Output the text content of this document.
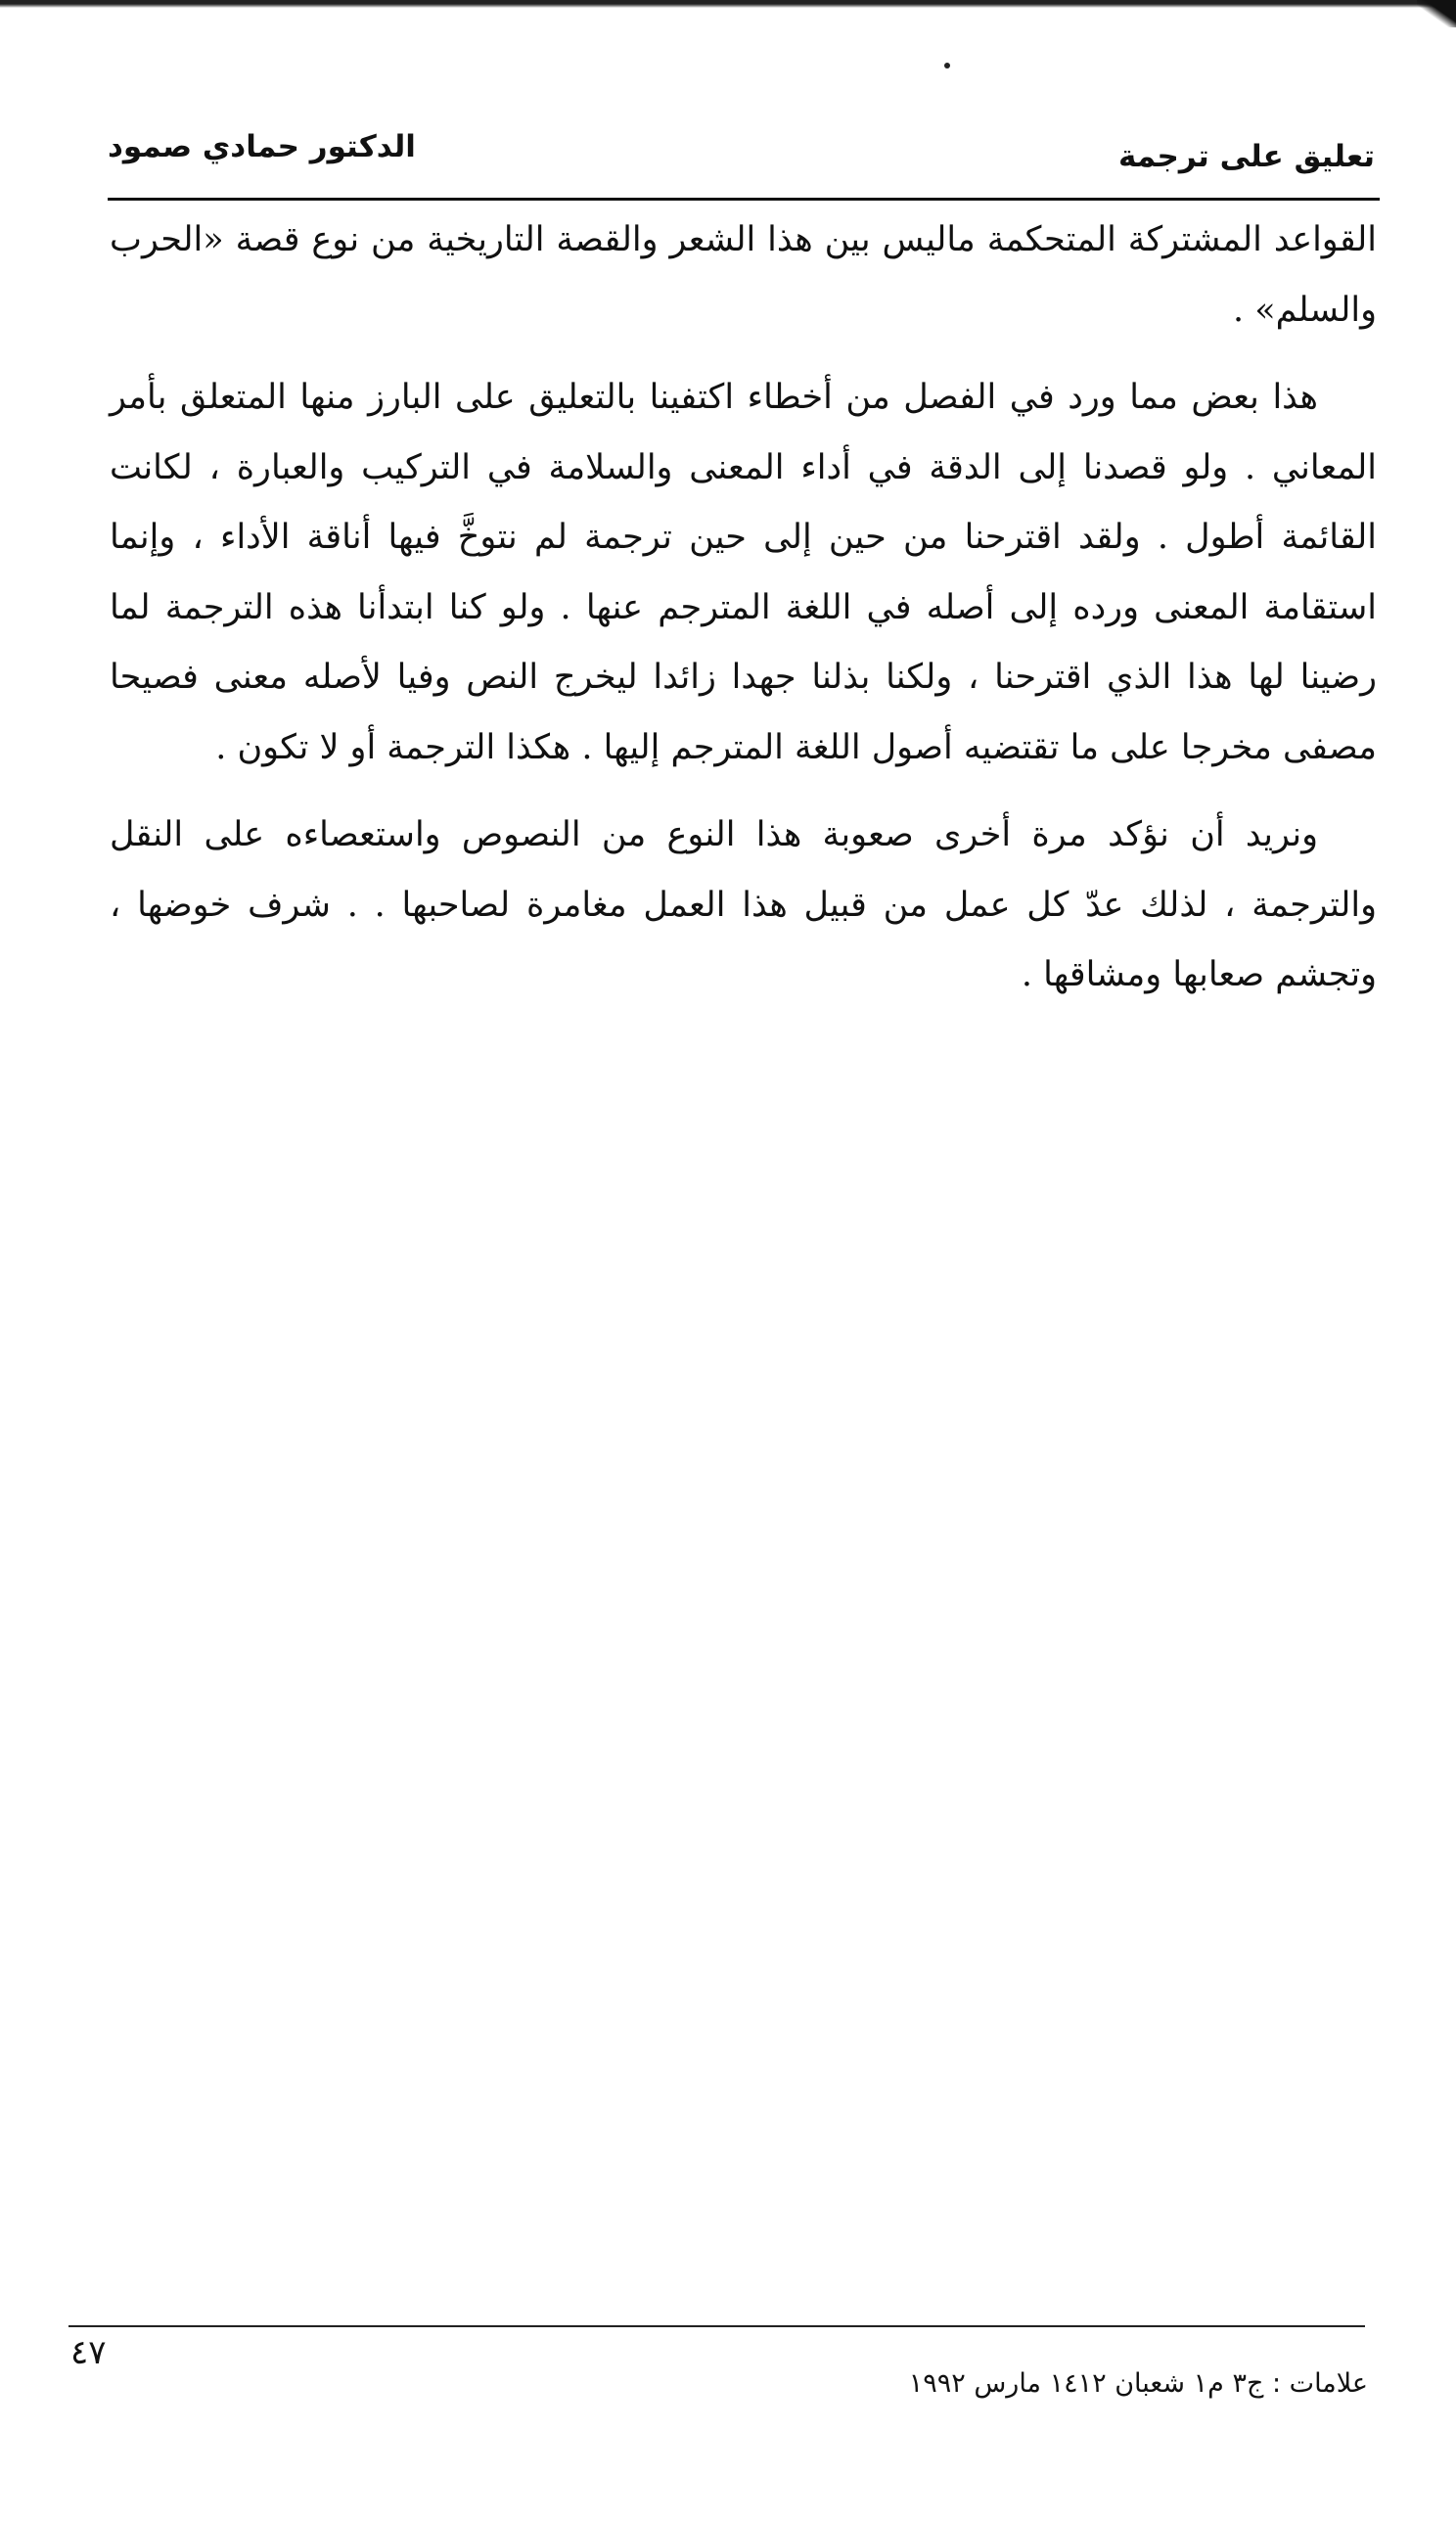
تعليق على ترجمة
الدكتور حمادي صمود

القواعد المشتركة المتحكمة ماليس بين هذا الشعر والقصة التاريخية من نوع قصة «الحرب والسلم» .

هذا بعض مما ورد في الفصل من أخطاء اكتفينا بالتعليق على البارز منها المتعلق بأمر المعاني . ولو قصدنا إلى الدقة في أداء المعنى والسلامة في التركيب والعبارة ، لكانت القائمة أطول . ولقد اقترحنا من حين إلى حين ترجمة لم نتوخَّ فيها أناقة الأداء ، وإنما استقامة المعنى ورده إلى أصله في اللغة المترجم عنها . ولو كنا ابتدأنا هذه الترجمة لما رضينا لها هذا الذي اقترحنا ، ولكنا بذلنا جهدا زائدا ليخرج النص وفيا لأصله معنى فصيحا مصفى مخرجا على ما تقتضيه أصول اللغة المترجم إليها . هكذا الترجمة أو لا تكون .

ونريد أن نؤكد مرة أخرى صعوبة هذا النوع من النصوص واستعصاءه على النقل والترجمة ، لذلك عدّ كل عمل من قبيل هذا العمل مغامرة لصاحبها . . شرف خوضها ، وتجشم صعابها ومشاقها .

٤٧
علامات : ج٣ م١ شعبان ١٤١٢ مارس ١٩٩٢
